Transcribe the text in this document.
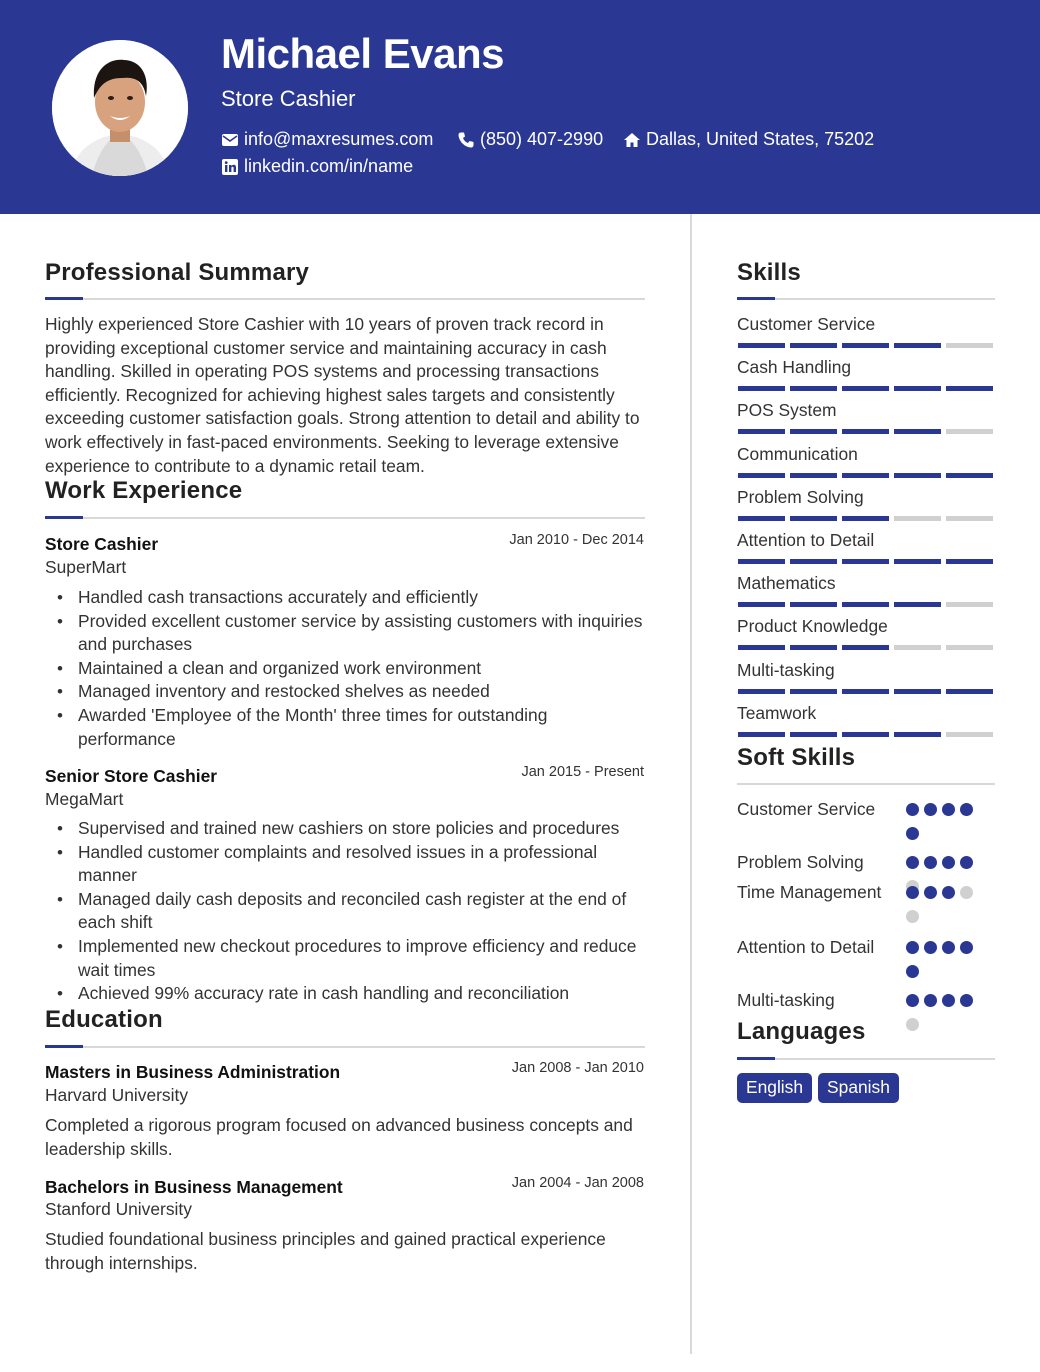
Michael Evans
Store Cashier
info@maxresumes.com	(850) 407-2990 Dallas, United States, 75202
linkedin.com/in/name
Professional Summary
Highly experienced Store Cashier with 10 years of proven track record in providing exceptional customer service and maintaining accuracy in cash handling. Skilled in operating POS systems and processing transactions efficiently. Recognized for achieving highest sales targets and consistently exceeding customer satisfaction goals. Strong attention to detail and ability to work effectively in fast-paced environments. Seeking to leverage extensive experience to contribute to a dynamic retail team.
Work Experience
Store Cashier	Jan 2010 - Dec 2014
SuperMart
• Handled cash transactions accurately and efficiently
• Provided excellent customer service by assisting customers with inquiries and purchases
• Maintained a clean and organized work environment
• Managed inventory and restocked shelves as needed
• Awarded 'Employee of the Month' three times for outstanding performance
Senior Store Cashier	Jan 2015 - Present
MegaMart
• Supervised and trained new cashiers on store policies and procedures
• Handled customer complaints and resolved issues in a professional manner
• Managed daily cash deposits and reconciled cash register at the end of each shift
• Implemented new checkout procedures to improve efficiency and reduce wait times
• Achieved 99% accuracy rate in cash handling and reconciliation
Education
Masters in Business Administration	Jan 2008 - Jan 2010
Harvard University
Completed a rigorous program focused on advanced business concepts and leadership skills.
Bachelors in Business Management	Jan 2004 - Jan 2008
Stanford University
Studied foundational business principles and gained practical experience through internships.
Skills
Customer Service
Cash Handling
POS System
Communication
Problem Solving
Attention to Detail
Mathematics
Product Knowledge
Multi-tasking
Teamwork
Soft Skills
Customer Service
Problem Solving
Time Management
Attention to Detail
Multi-tasking
Languages
English	Spanish
